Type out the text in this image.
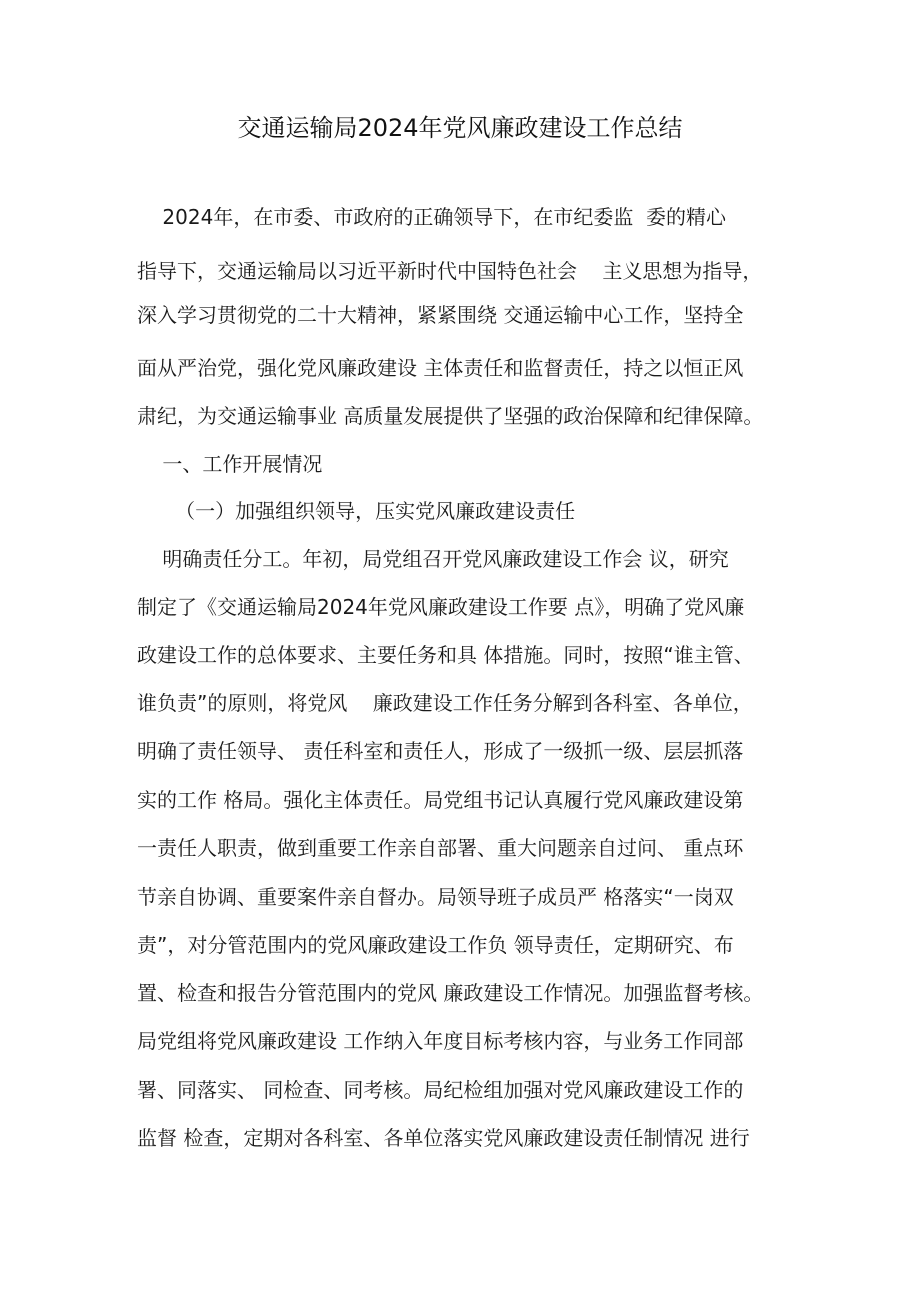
交通运输局2024年党风廉政建设工作总结
2024年，在市委、市政府的正确领导下，在市纪委监  委的精心
指导下，交通运输局以习近平新时代中国特色社会    主义思想为指导，
深入学习贯彻党的二十大精神，紧紧围绕 交通运输中心工作，坚持全
面从严治党，强化党风廉政建设 主体责任和监督责任，持之以恒正风
肃纪，为交通运输事业 高质量发展提供了坚强的政治保障和纪律保障。
一、工作开展情况
（一）加强组织领导，压实党风廉政建设责任
明确责任分工。年初，局党组召开党风廉政建设工作会 议，研究
制定了《交通运输局2024年党风廉政建设工作要 点》，明确了党风廉
政建设工作的总体要求、主要任务和具 体措施。同时，按照“谁主管、
谁负责”的原则，将党风    廉政建设工作任务分解到各科室、各单位，
明确了责任领导、 责任科室和责任人，形成了一级抓一级、层层抓落
实的工作 格局。强化主体责任。局党组书记认真履行党风廉政建设第
一责任人职责，做到重要工作亲自部署、重大问题亲自过问、 重点环
节亲自协调、重要案件亲自督办。局领导班子成员严 格落实“一岗双
责”，对分管范围内的党风廉政建设工作负 领导责任，定期研究、布
置、检查和报告分管范围内的党风 廉政建设工作情况。加强监督考核。
局党组将党风廉政建设 工作纳入年度目标考核内容，与业务工作同部
署、同落实、 同检查、同考核。局纪检组加强对党风廉政建设工作的
监督 检查，定期对各科室、各单位落实党风廉政建设责任制情况 进行
